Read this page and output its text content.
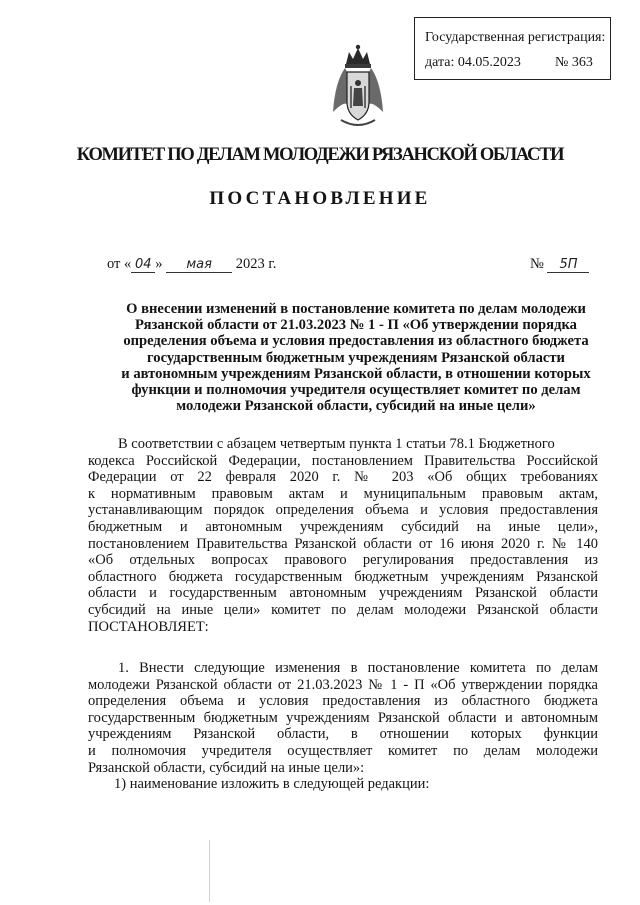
Государственная регистрация:
дата: 04.05.2023 № 363
КОМИТЕТ ПО ДЕЛАМ МОЛОДЕЖИ РЯЗАНСКОЙ ОБЛАСТИ
ПОСТАНОВЛЕНИЕ
от « 04 » мая 2023 г.	№ 5П
О внесении изменений в постановление комитета по делам молодежи
Рязанской области от 21.03.2023 № 1 - П «Об утверждении порядка
определения объема и условия предоставления из областного бюджета
государственным бюджетным учреждениям Рязанской области
и автономным учреждениям Рязанской области, в отношении которых
функции и полномочия учредителя осуществляет комитет по делам
молодежи Рязанской области, субсидий на иные цели»
В соответствии с абзацем четвертым пункта 1 статьи 78.1 Бюджетного
кодекса Российской Федерации, постановлением Правительства Российской
Федерации от 22 февраля 2020 г. № 203 «Об общих требованиях
к нормативным правовым актам и муниципальным правовым актам,
устанавливающим порядок определения объема и условия предоставления
бюджетным и автономным учреждениям субсидий на иные цели»,
постановлением Правительства Рязанской области от 16 июня 2020 г. № 140
«Об отдельных вопросах правового регулирования предоставления из
областного бюджета государственным бюджетным учреждениям Рязанской
области и государственным автономным учреждениям Рязанской области
субсидий на иные цели» комитет по делам молодежи Рязанской области
ПОСТАНОВЛЯЕТ:
1. Внести следующие изменения в постановление комитета по делам
молодежи Рязанской области от 21.03.2023 № 1 - П «Об утверждении порядка
определения объема и условия предоставления из областного бюджета
государственным бюджетным учреждениям Рязанской области и автономным
учреждениям Рязанской области, в отношении которых функции
и полномочия учредителя осуществляет комитет по делам молодежи
Рязанской области, субсидий на иные цели»:
1) наименование изложить в следующей редакции:
